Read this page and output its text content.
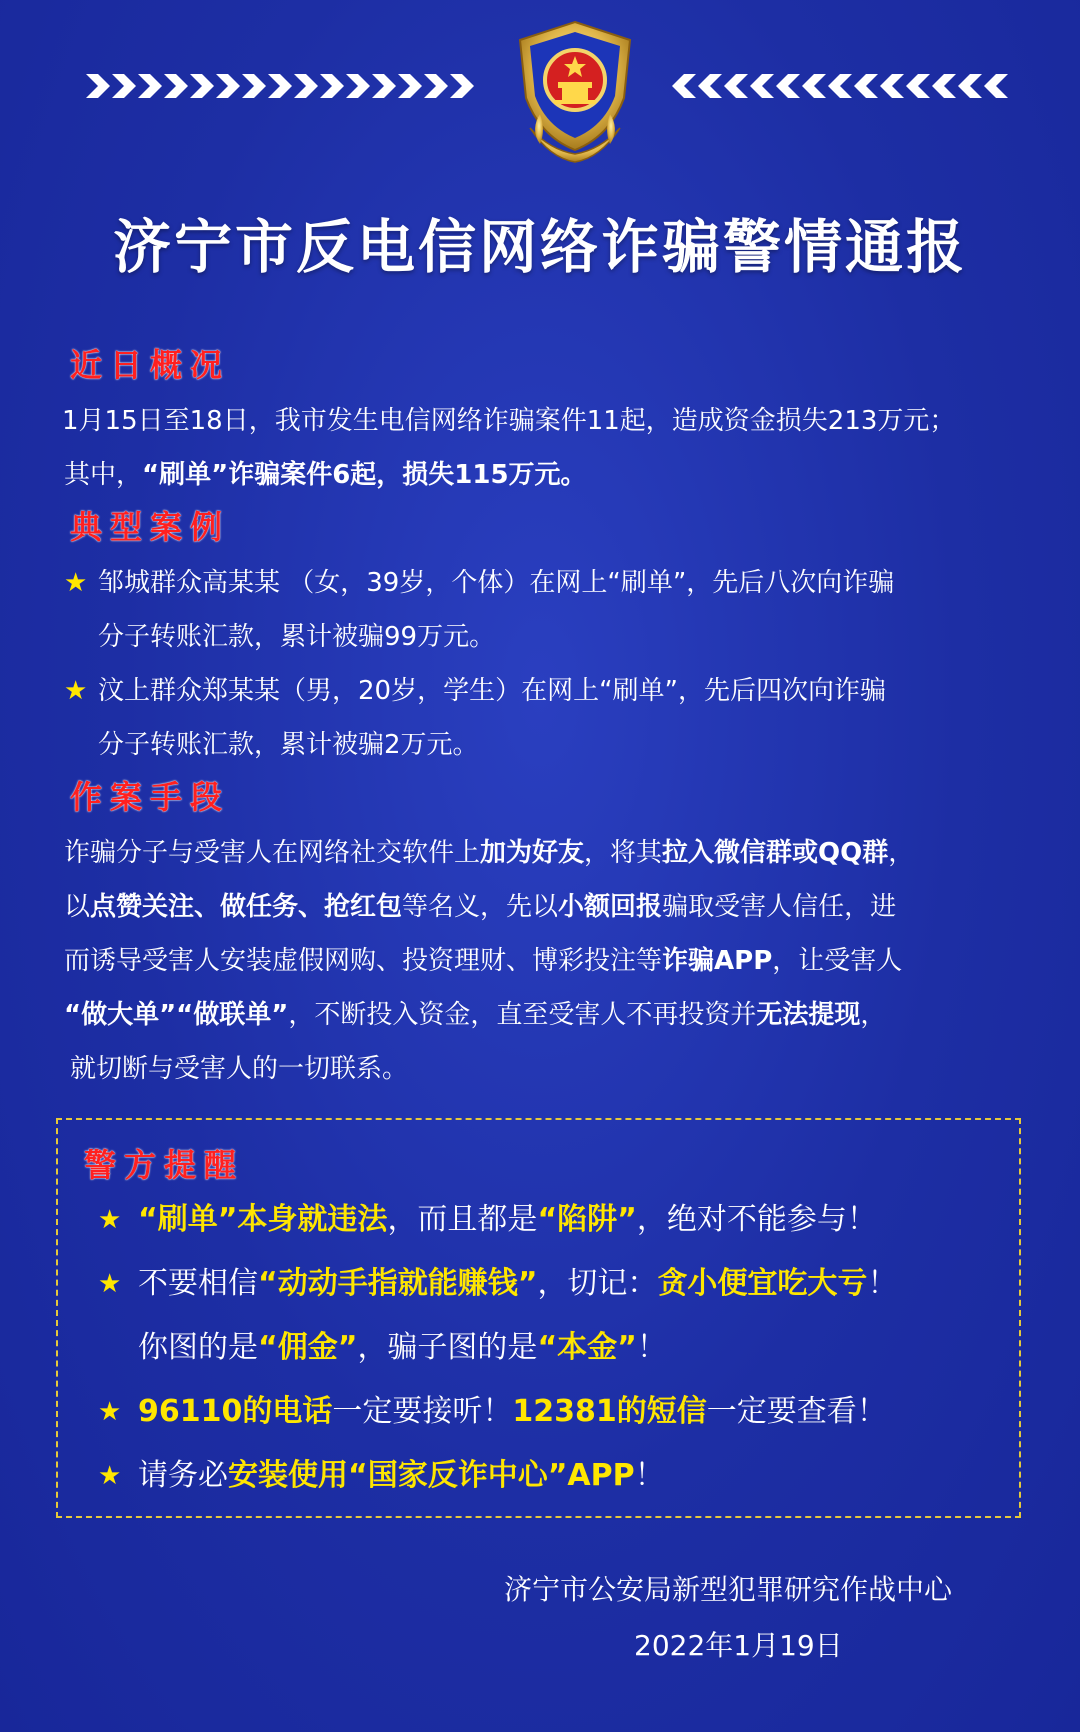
济宁市反电信网络诈骗警情通报
近日概况
1月15日至18日，我市发生电信网络诈骗案件11起，造成资金损失213万元；
其中，“刷单”诈骗案件6起，损失115万元。
典型案例
★ 邹城群众高某某 （女，39岁，个体）在网上“刷单”，先后八次向诈骗
分子转账汇款，累计被骗99万元。
★ 汶上群众郑某某（男，20岁，学生）在网上“刷单”，先后四次向诈骗
分子转账汇款，累计被骗2万元。
作案手段
诈骗分子与受害人在网络社交软件上加为好友，将其拉入微信群或QQ群，
以点赞关注、做任务、抢红包等名义，先以小额回报骗取受害人信任，进
而诱导受害人安装虚假网购、投资理财、博彩投注等诈骗APP，让受害人
“做大单”“做联单”，不断投入资金，直至受害人不再投资并无法提现，
就切断与受害人的一切联系。
警方提醒
★ “刷单”本身就违法，而且都是“陷阱”，绝对不能参与！
★ 不要相信“动动手指就能赚钱”，切记：贪小便宜吃大亏！
你图的是“佣金”，骗子图的是“本金”！
★ 96110的电话一定要接听！12381的短信一定要查看！
★ 请务必安装使用“国家反诈中心”APP！
济宁市公安局新型犯罪研究作战中心
2022年1月19日
